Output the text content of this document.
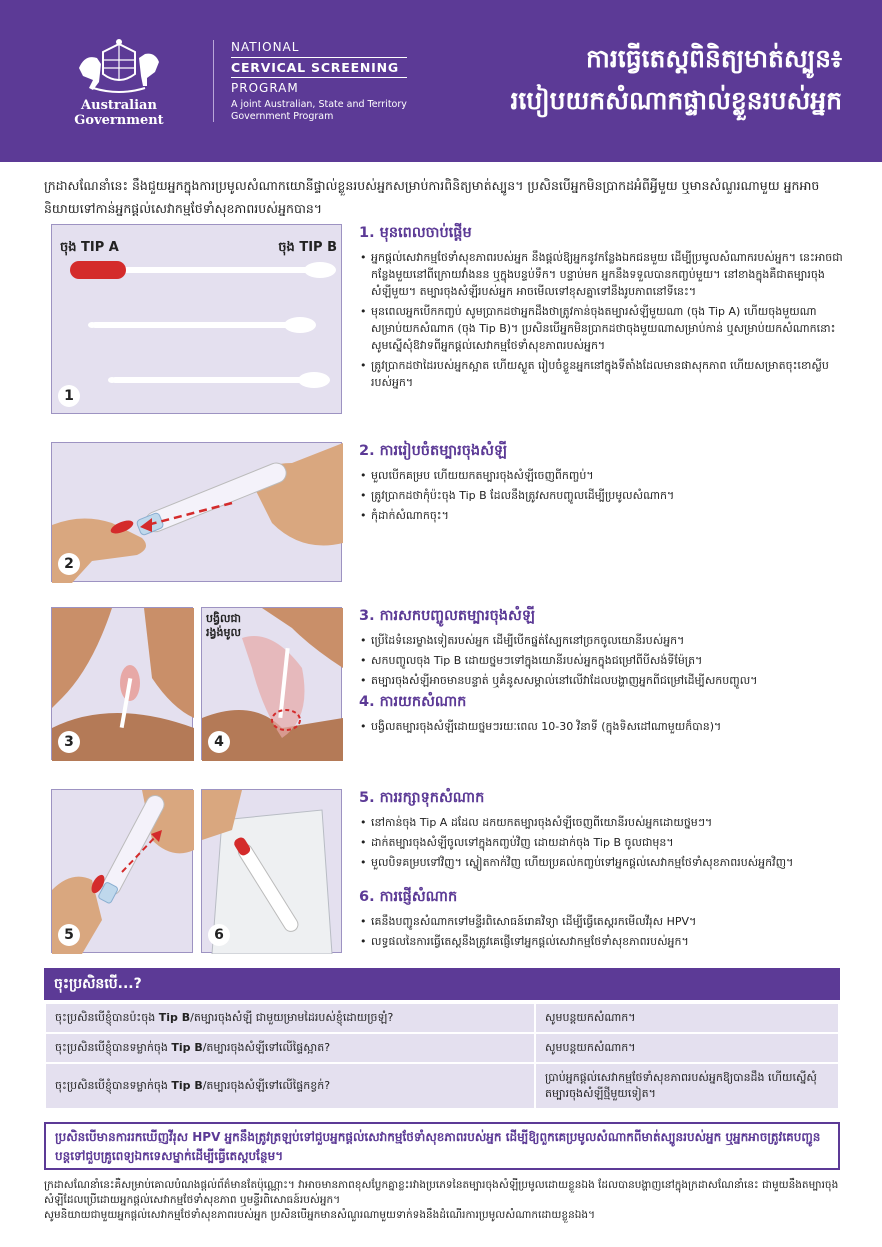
Australian Government
NATIONAL
CERVICAL SCREENING
PROGRAM
A joint Australian, State and Territory
Government Program
ការធ្វើតេស្តពិនិត្យមាត់ស្បូន៖
របៀបយកសំណាកផ្ទាល់ខ្លួនរបស់អ្នក

ក្រដាសណែនាំនេះ នឹងជួយអ្នកក្នុងការប្រមូលសំណាកយោនីផ្ទាល់ខ្លួនរបស់អ្នកសម្រាប់ការពិនិត្យមាត់ស្បូន។ ប្រសិនបើអ្នកមិនប្រាកដអំពីអ្វីមួយ ឬមានសំណួរណាមួយ អ្នកអាចនិយាយទៅកាន់អ្នកផ្ដល់សេវាកម្មថែទាំសុខភាពរបស់អ្នកបាន។

ចុង TIP A	ចុង TIP B
1
1. មុនពេលចាប់ផ្ដើម
• អ្នកផ្ដល់សេវាកម្មថែទាំសុខភាពរបស់អ្នក នឹងផ្ដល់ឱ្យអ្នកនូវកន្លែងឯកជនមួយ ដើម្បីប្រមូលសំណាករបស់អ្នក។ នេះអាចជាកន្លែងមួយនៅពីក្រោយវាំងនន ឬក្នុងបន្ទប់ទឹក។ បន្ទាប់មក អ្នកនឹងទទួលបានកញ្ចប់មួយ។ នៅខាងក្នុងគឺជាតម្បារចុងសំឡីមួយ។ តម្បារចុងសំឡីរបស់អ្នក អាចមើលទៅខុសគ្នាទៅនឹងរូបភាពនៅទីនេះ។
• មុនពេលអ្នកបើកកញ្ចប់ សូមប្រាកដថាអ្នកដឹងថាត្រូវកាន់ចុងតម្បារសំឡីមួយណា (ចុង Tip A) ហើយចុងមួយណាសម្រាប់យកសំណាក (ចុង Tip B)។ ប្រសិនបើអ្នកមិនប្រាកដថាចុងមួយណាសម្រាប់កាន់ ឬសម្រាប់យកសំណាកនោះ សូមស្នើសុំឱវាទពីអ្នកផ្ដល់សេវាកម្មថែទាំសុខភាពរបស់អ្នក។
• ត្រូវប្រាកដថាដៃរបស់អ្នកស្អាត ហើយស្ងួត រៀបចំខ្លួនអ្នកនៅក្នុងទីតាំងដែលមានផាសុកភាព ហើយសម្រាតចុះខោស្លីបរបស់អ្នក។
2
2. ការរៀបចំតម្បារចុងសំឡី
• មួលបើកគម្រប ហើយយកតម្បារចុងសំឡីចេញពីកញ្ចប់។
• ត្រូវប្រាកដថាកុំប៉ះចុង Tip B ដែលនឹងត្រូវសកបញ្ចូលដើម្បីប្រមូលសំណាក។
• កុំដាក់សំណាកចុះ។
3
បង្វិលជា
រង្វង់មូល
4
3. ការសកបញ្ចូលតម្បារចុងសំឡី
• ប្រើដៃទំនេរម្ខាងទៀតរបស់អ្នក ដើម្បីបើកផ្នត់ស្បែកនៅច្រកចូលយោនីរបស់អ្នក។
• សកបញ្ចូលចុង Tip B ដោយថ្នមៗទៅក្នុងយោនីរបស់អ្នកក្នុងជម្រៅពីបីសង់ទីម៉ែត្រ។
• តម្បារចុងសំឡីអាចមានបន្ទាត់ ឬគំនូសសម្គាល់នៅលើវាដែលបង្ហាញអ្នកពីជម្រៅដើម្បីសកបញ្ចូល។
4. ការយកសំណាក
• បង្វិលតម្បារចុងសំឡីដោយថ្នមៗរយៈពេល 10-30 វិនាទី (ក្នុងទិសដៅណាមួយក៏បាន)។
5	6
5. ការរក្សាទុកសំណាក
• នៅកាន់ចុង Tip A ដដែល ដកយកតម្បារចុងសំឡីចេញពីយោនីរបស់អ្នកដោយថ្នមៗ។
• ដាក់តម្បារចុងសំឡីចូលទៅក្នុងកញ្ចប់វិញ ដោយដាក់ចុង Tip B ចូលជាមុន។
• មួលបិទគម្របទៅវិញ។ ស្នៀតកាក់វិញ ហើយប្រគល់កញ្ចប់ទៅអ្នកផ្ដល់សេវាកម្មថែទាំសុខភាពរបស់អ្នកវិញ។
6. ការផ្ញើសំណាក
• គេនឹងបញ្ជូនសំណាកទៅមន្ទីរពិសោធន៍រោគវិទ្យា ដើម្បីធ្វើតេស្តរកមើលវីរុស HPV។
• លទ្ធផលនៃការធ្វើតេស្តនឹងត្រូវគេផ្ញើទៅអ្នកផ្ដល់សេវាកម្មថែទាំសុខភាពរបស់អ្នក។
ចុះប្រសិនបើ...?
ចុះប្រសិនបើខ្ញុំបានប៉ះចុង Tip B/តម្បារចុងសំឡី ជាមួយម្រាមដៃរបស់ខ្ញុំដោយច្រឡំ?	សូមបន្តយកសំណាក។
ចុះប្រសិនបើខ្ញុំបានទម្លាក់ចុង Tip B/តម្បារចុងសំឡីទៅលើផ្ទៃស្អាត?	សូមបន្តយកសំណាក។
ចុះប្រសិនបើខ្ញុំបានទម្លាក់ចុង Tip B/តម្បារចុងសំឡីទៅលើផ្ទៃកខ្វក់?	ប្រាប់អ្នកផ្ដល់សេវាកម្មថែទាំសុខភាពរបស់អ្នកឱ្យបានដឹង ហើយស្នើសុំតម្បារចុងសំឡីថ្មីមួយទៀត។
ប្រសិនបើមានការរកឃើញវីរុស HPV អ្នកនឹងត្រូវត្រឡប់ទៅជួបអ្នកផ្ដល់សេវាកម្មថែទាំសុខភាពរបស់អ្នក ដើម្បីឱ្យពួកគេប្រមូលសំណាកពីមាត់ស្បូនរបស់អ្នក ឬអ្នកអាចត្រូវគេបញ្ជូនបន្តទៅជួបគ្រូពេទ្យឯកទេសម្នាក់ដើម្បីធ្វើតេស្តបន្ថែម។

ក្រដាសណែនាំនេះគឺសម្រាប់គោលបំណងផ្ដល់ព័ត៌មានតែប៉ុណ្ណោះ។ វាអាចមានភាពខុសប្លែកគ្នាខ្លះរវាងប្រភេទនៃតម្បារចុងសំឡីប្រមូលដោយខ្លួនឯង ដែលបានបង្ហាញនៅក្នុងក្រដាសណែនាំនេះ ជាមួយនឹងតម្បារចុងសំឡីដែលប្រើដោយអ្នកផ្ដល់សេវាកម្មថែទាំសុខភាព ឬមន្ទីរពិសោធន៍របស់អ្នក។

សូមនិយាយជាមួយអ្នកផ្ដល់សេវាកម្មថែទាំសុខភាពរបស់អ្នក ប្រសិនបើអ្នកមានសំណួរណាមួយទាក់ទងនឹងដំណើរការប្រមូលសំណាកដោយខ្លួនឯង។
